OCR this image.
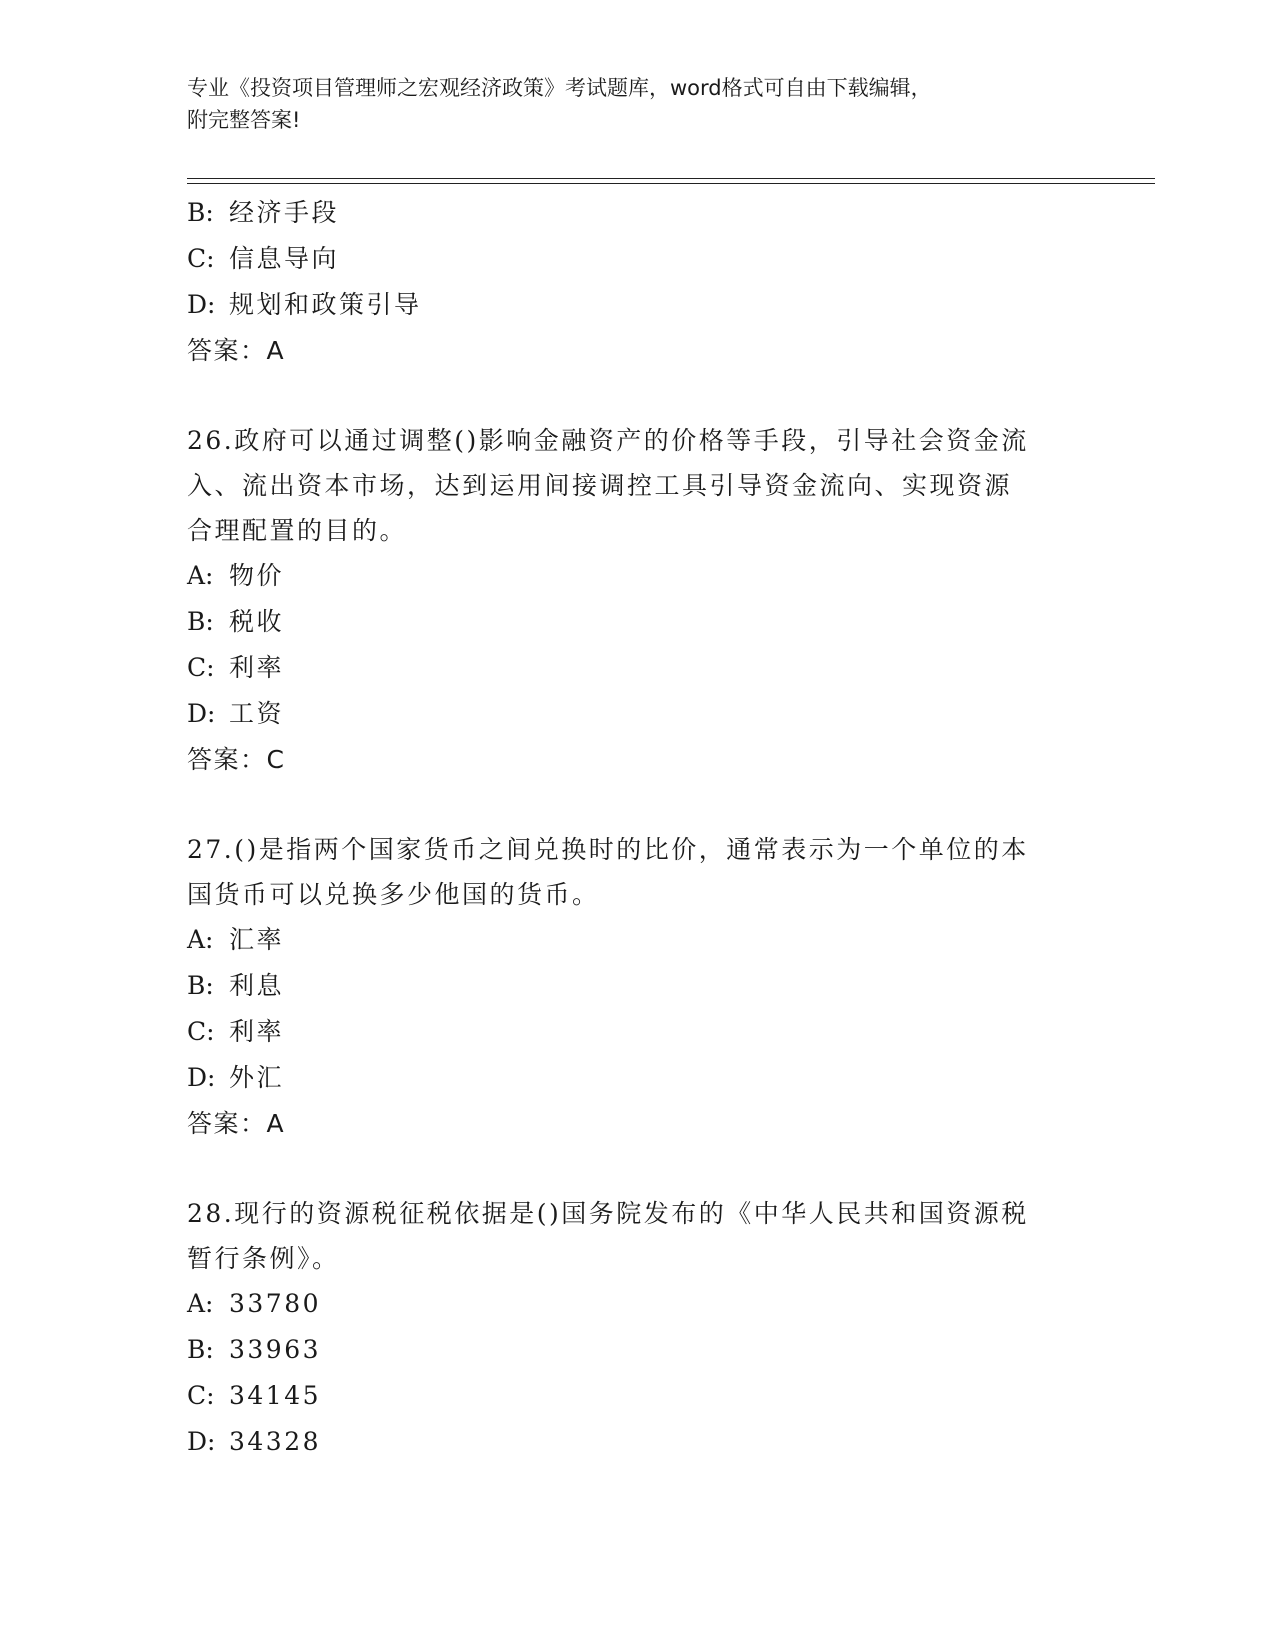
专业《投资项目管理师之宏观经济政策》考试题库，word格式可自由下载编辑，
附完整答案!
B: 经济手段
C: 信息导向
D: 规划和政策引导
答案：A
26.政府可以通过调整()影响金融资产的价格等手段，引导社会资金流
入、流出资本市场，达到运用间接调控工具引导资金流向、实现资源
合理配置的目的。
A: 物价
B: 税收
C: 利率
D: 工资
答案：C
27.()是指两个国家货币之间兑换时的比价，通常表示为一个单位的本
国货币可以兑换多少他国的货币。
A: 汇率
B: 利息
C: 利率
D: 外汇
答案：A
28.现行的资源税征税依据是()国务院发布的《中华人民共和国资源税
暂行条例》。
A: 33780
B: 33963
C: 34145
D: 34328
